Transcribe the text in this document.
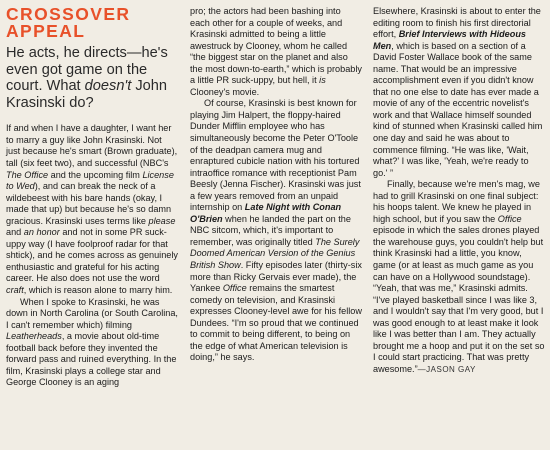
CROSSOVER
APPEAL
He acts, he directs—he's even got game on the court. What doesn't John Krasinski do?

If and when I have a daughter, I want her to marry a guy like John Krasinski. Not just because he's smart (Brown graduate), tall (six feet two), and successful (NBC's The Office and the upcoming film License to Wed), and can break the neck of a wildebeest with his bare hands (okay, I made that up) but because he's so damn gracious. Krasinski uses terms like please and an honor and not in some PR suck-uppy way (I have foolproof radar for that shtick), and he comes across as genuinely enthusiastic and grateful for his acting career. He also does not use the word craft, which is reason alone to marry him.

When I spoke to Krasinski, he was down in North Carolina (or South Carolina, I can't remember which) filming Leatherheads, a movie about old-time football back before they invented the forward pass and ruined everything. In the film, Krasinski plays a college star and George Clooney is an aging

pro; the actors had been bashing into each other for a couple of weeks, and Krasinski admitted to being a little awestruck by Clooney, whom he called “the biggest star on the planet and also the most down-to-earth,” which is probably a little PR suck-uppy, but hell, it is Clooney's movie.

Of course, Krasinski is best known for playing Jim Halpert, the floppy-haired Dunder Mifflin employee who has simultaneously become the Peter O'Toole of the deadpan camera mug and enraptured cubicle nation with his tortured intraoffice romance with receptionist Pam Beesly (Jenna Fischer). Krasinski was just a few years removed from an unpaid internship on Late Night with Conan O'Brien when he landed the part on the NBC sitcom, which, it's important to remember, was originally titled The Surely Doomed American Version of the Genius British Show. Fifty episodes later (thirty-six more than Ricky Gervais ever made), the Yankee Office remains the smartest comedy on television, and Krasinski expresses Clooney-level awe for his fellow Dundees. “I'm so proud that we continued to commit to being different, to being on the edge of what American television is doing,” he says.

Elsewhere, Krasinski is about to enter the editing room to finish his first directorial effort, Brief Interviews with Hideous Men, which is based on a section of a David Foster Wallace book of the same name. That would be an impressive accomplishment even if you didn't know that no one else to date has ever made a movie of any of the eccentric novelist's work and that Wallace himself sounded kind of stunned when Krasinski called him one day and said he was about to commence filming. “He was like, 'Wait, what?' I was like, 'Yeah, we're ready to go.' ”

Finally, because we're men's mag, we had to grill Krasinski on one final subject: his hoops talent. We knew he played in high school, but if you saw the Office episode in which the sales drones played the warehouse guys, you couldn't help but think Krasinski had a little, you know, game (or at least as much game as you can have on a Hollywood soundstage). “Yeah, that was me,” Krasinski admits. “I've played basketball since I was like 3, and I wouldn't say that I'm very good, but I was good enough to at least make it look like I was better than I am. They actually brought me a hoop and put it on the set so I could start practicing. That was pretty awesome.”—JASON GAY
